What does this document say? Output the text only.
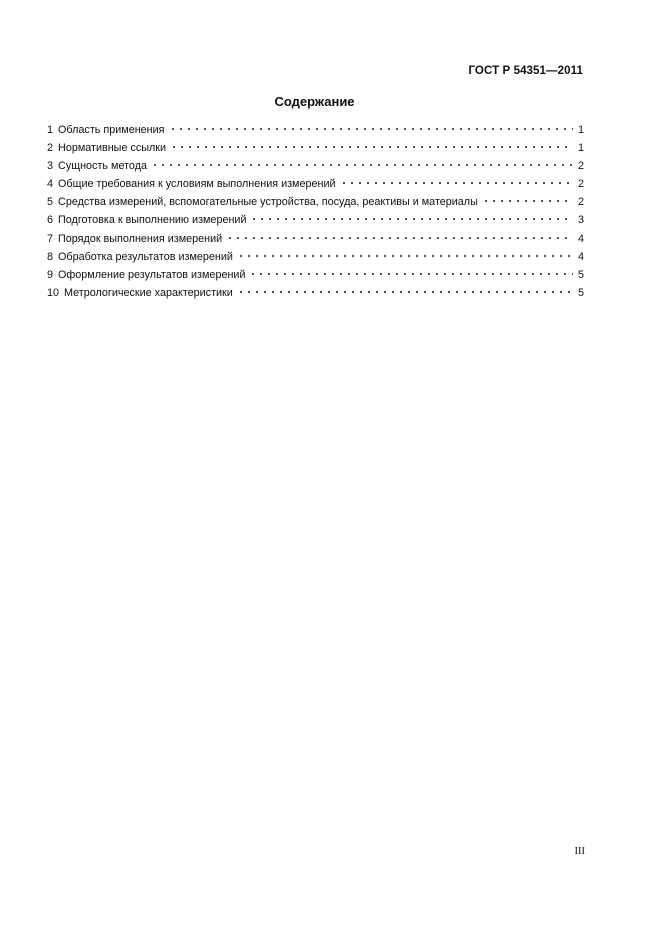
ГОСТ Р 54351—2011
Содержание
1 Область применения	1
2 Нормативные ссылки	1
3 Сущность метода	2
4 Общие требования к условиям выполнения измерений	2
5 Средства измерений, вспомогательные устройства, посуда, реактивы и материалы	2
6 Подготовка к выполнению измерений	3
7 Порядок выполнения измерений	4
8 Обработка результатов измерений	4
9 Оформление результатов измерений	5
10 Метрологические характеристики	5
III
